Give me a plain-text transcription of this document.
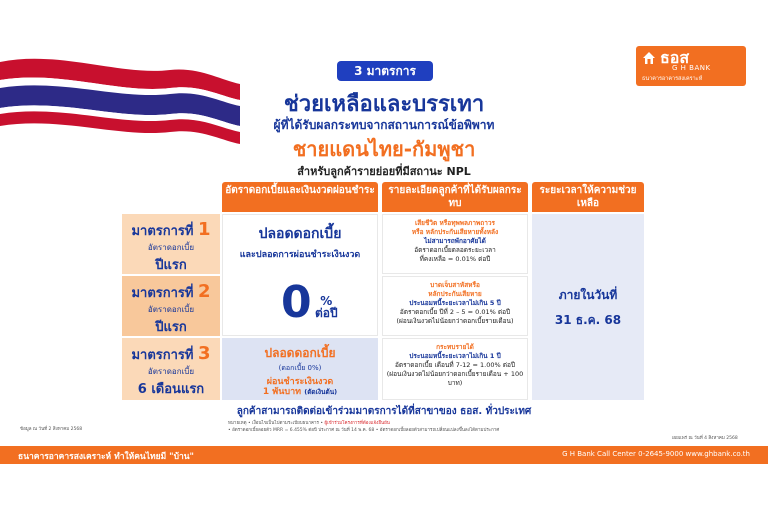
ธอส
G H BANK
ธนาคารอาคารสงเคราะห์
3 มาตรการ
ช่วยเหลือและบรรเทา
ผู้ที่ได้รับผลกระทบจากสถานการณ์ข้อพิพาท
ชายแดนไทย-กัมพูชา
สำหรับลูกค้ารายย่อยที่มีสถานะ NPL
อัตราดอกเบี้ยและเงินงวดผ่อนชำระ	รายละเอียดลูกค้าที่ได้รับผลกระทบ
ระยะเวลาให้ความช่วยเหลือ
มาตรการที่ 1
อัตราดอกเบี้ย
ปีแรก
มาตรการที่ 2
อัตราดอกเบี้ย
ปีแรก
มาตรการที่ 3
อัตราดอกเบี้ย
6 เดือนแรก
ปลอดดอกเบี้ย
และปลอดการผ่อนชำระเงินงวด
0 %
ต่อปี
ปลอดดอกเบี้ย
(ดอกเบี้ย 0%)
ผ่อนชำระเงินงวด
1 พันบาท (ตัดเงินต้น)
เสียชีวิต หรือทุพพลภาพถาวร
หรือ หลักประกันเสียหายทั้งหลัง
ไม่สามารถพักอาศัยได้
อัตราดอกเบี้ยตลอดระยะเวลา
ที่คงเหลือ = 0.01% ต่อปี
บาดเจ็บสาหัสหรือ
หลักประกันเสียหาย
ประนอมหนี้ระยะเวลาไม่เกิน 5 ปี
อัตราดอกเบี้ย ปีที่ 2 – 5 = 0.01% ต่อปี
(ผ่อนเงินงวดไม่น้อยกว่าดอกเบี้ยรายเดือน)
กระทบรายได้
ประนอมหนี้ระยะเวลาไม่เกิน 1 ปี
อัตราดอกเบี้ย เดือนที่ 7-12 = 1.00% ต่อปี
(ผ่อนเงินงวดไม่น้อยกว่าดอกเบี้ยรายเดือน + 100 บาท)
ภายในวันที่
31 ธ.ค. 68
ลูกค้าสามารถติดต่อเข้าร่วมมาตรการได้ที่สาขาของ ธอส. ทั่วประเทศ
หมายเหตุ • เงื่อนไขเป็นไปตามระเบียบธนาคาร • ผู้เข้าร่วมโครงการที่ต้องแจ้งยืนยัน
• อัตราดอกเบี้ยลอยตัว MRR = 6.455% ต่อปี ประกาศ ณ วันที่ 14 พ.ค. 68 • อัตราดอกเบี้ยลอยตัวสามารถเปลี่ยนแปลงขึ้นลงได้ตามประกาศ
ข้อมูล ณ วันที่ 2 สิงหาคม 2568
เผยแพร่ ณ วันที่ 4 สิงหาคม 2568
ธนาคารอาคารสงเคราะห์ ทำให้คนไทยมี "บ้าน"	G H Bank Call Center 0-2645-9000 www.ghbank.co.th
